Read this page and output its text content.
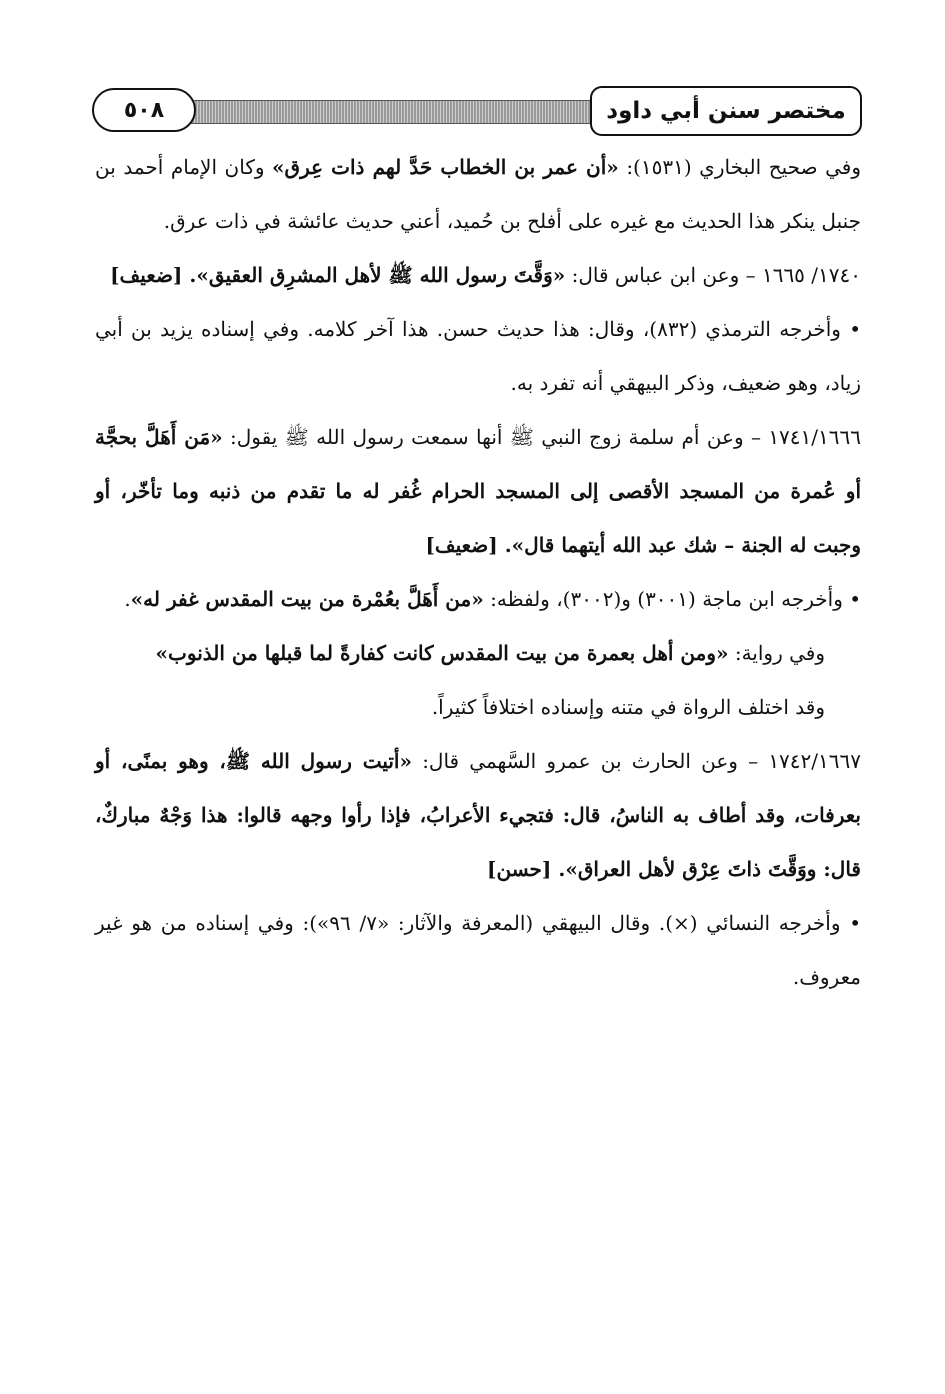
مختصر سنن أبي داود
٥٠٨

وفي صحيح البخاري (١٥٣١): «أن عمر بن الخطاب حَدَّ لهم ذات عِرق» وكان الإمام أحمد بن جنبل ينكر هذا الحديث مع غيره على أفلح بن حُميد، أعني حديث عائشة في ذات عرق.

١٧٤٠/ ١٦٦٥ – وعن ابن عباس قال: «وَقَّتَ رسول الله ﷺ لأهل المشرِق العقيق». [ضعيف]

• وأخرجه الترمذي (٨٣٢)، وقال: هذا حديث حسن. هذا آخر كلامه. وفي إسناده يزيد بن أبي زياد، وهو ضعيف، وذكر البيهقي أنه تفرد به.

١٧٤١/١٦٦٦ – وعن أم سلمة زوج النبي ﷺ أنها سمعت رسول الله ﷺ يقول: «مَن أَهَلَّ بحجَّة أو عُمرة من المسجد الأقصى إلى المسجد الحرام غُفر له ما تقدم من ذنبه وما تأخّر، أو وجبت له الجنة – شك عبد الله أيتهما قال». [ضعيف]

• وأخرجه ابن ماجة (٣٠٠١) و(٣٠٠٢)، ولفظه: «من أَهَلَّ بعُمْرة من بيت المقدس غفر له».

وفي رواية: «ومن أهل بعمرة من بيت المقدس كانت كفارةً لما قبلها من الذنوب»

وقد اختلف الرواة في متنه وإسناده اختلافاً كثيراً.

١٧٤٢/١٦٦٧ – وعن الحارث بن عمرو السَّهمي قال: «أتيت رسول الله ﷺ، وهو بمنًى، أو بعرفات، وقد أطاف به الناسُ، قال: فتجيء الأعرابُ، فإذا رأوا وجهه قالوا: هذا وَجْهٌ مباركٌ، قال: ووَقَّتَ ذاتَ عِرْق لأهل العراق». [حسن]

• وأخرجه النسائي (×). وقال البيهقي (المعرفة والآثار: «٧/ ٩٦»): وفي إسناده من هو غير معروف.
